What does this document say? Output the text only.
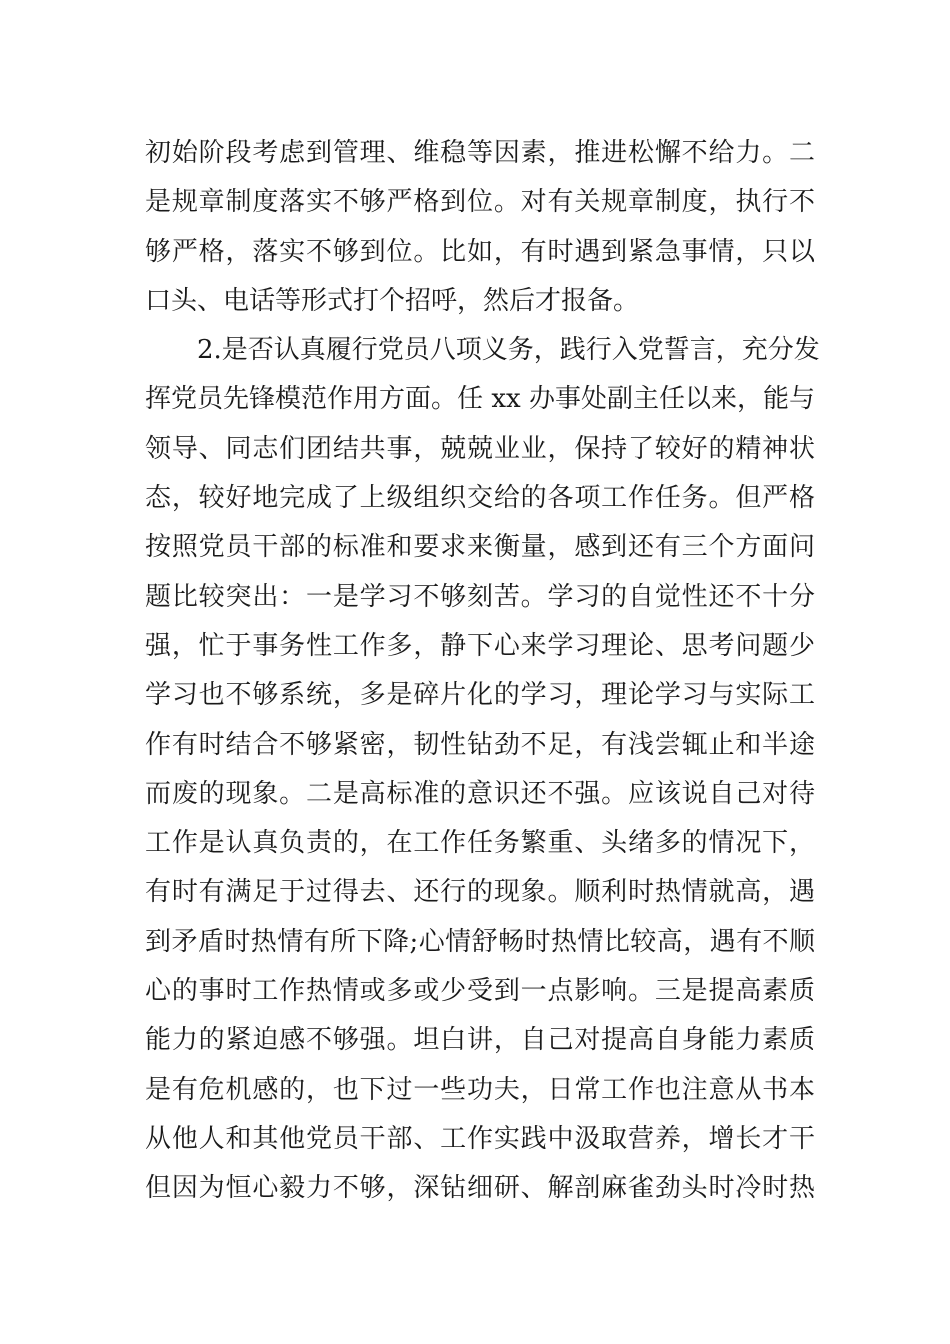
初始阶段考虑到管理、维稳等因素，推进松懈不给力。二
是规章制度落实不够严格到位。对有关规章制度，执行不
够严格，落实不够到位。比如，有时遇到紧急事情，只以
口头、电话等形式打个招呼，然后才报备。
2.是否认真履行党员八项义务，践行入党誓言，充分发
挥党员先锋模范作用方面。任 xx 办事处副主任以来，能与
领导、同志们团结共事，兢兢业业，保持了较好的精神状
态，较好地完成了上级组织交给的各项工作任务。但严格
按照党员干部的标准和要求来衡量，感到还有三个方面问
题比较突出：一是学习不够刻苦。学习的自觉性还不十分
强，忙于事务性工作多，静下心来学习理论、思考问题少
学习也不够系统，多是碎片化的学习，理论学习与实际工
作有时结合不够紧密，韧性钻劲不足，有浅尝辄止和半途
而废的现象。二是高标准的意识还不强。应该说自己对待
工作是认真负责的，在工作任务繁重、头绪多的情况下，
有时有满足于过得去、还行的现象。顺利时热情就高，遇
到矛盾时热情有所下降;心情舒畅时热情比较高，遇有不顺
心的事时工作热情或多或少受到一点影响。三是提高素质
能力的紧迫感不够强。坦白讲，自己对提高自身能力素质
是有危机感的，也下过一些功夫，日常工作也注意从书本
从他人和其他党员干部、工作实践中汲取营养，增长才干
但因为恒心毅力不够，深钻细研、解剖麻雀劲头时冷时热
